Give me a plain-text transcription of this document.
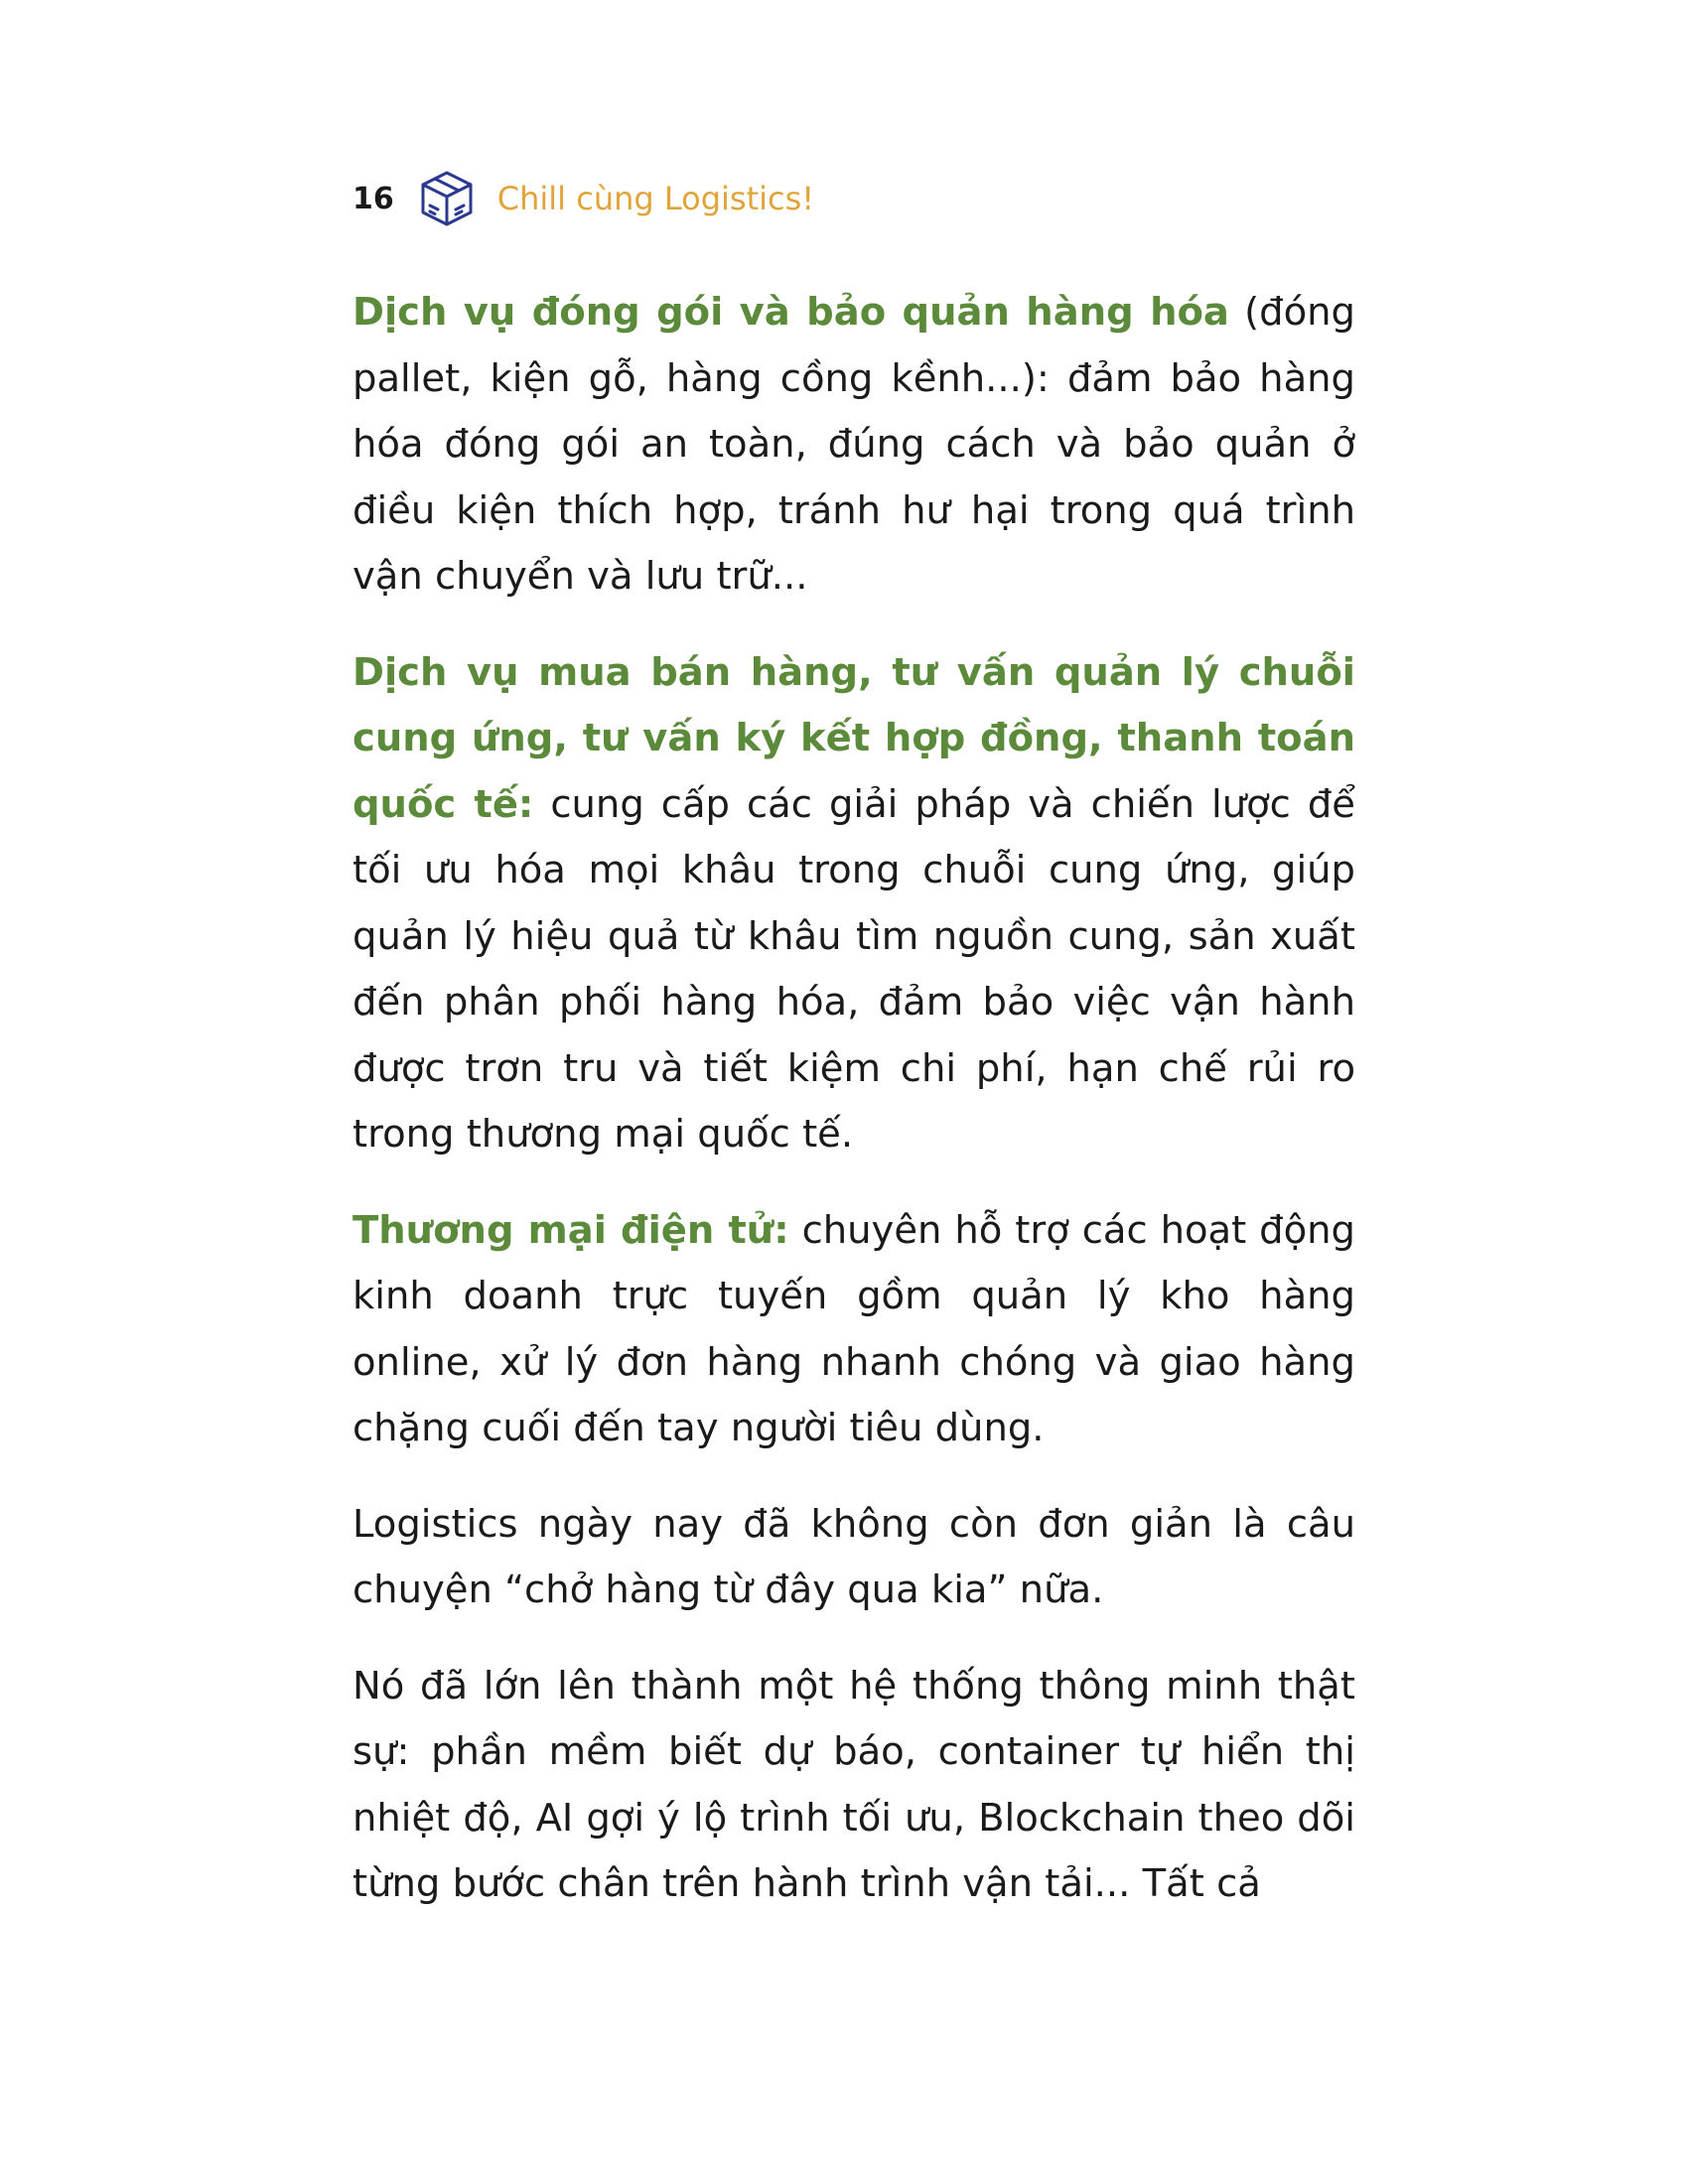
16	Chill cùng Logistics!

Dịch vụ đóng gói và bảo quản hàng hóa (đóng pallet, kiện gỗ, hàng cồng kềnh...): đảm bảo hàng hóa đóng gói an toàn, đúng cách và bảo quản ở điều kiện thích hợp, tránh hư hại trong quá trình vận chuyển và lưu trữ...

Dịch vụ mua bán hàng, tư vấn quản lý chuỗi cung ứng, tư vấn ký kết hợp đồng, thanh toán quốc tế: cung cấp các giải pháp và chiến lược để tối ưu hóa mọi khâu trong chuỗi cung ứng, giúp quản lý hiệu quả từ khâu tìm nguồn cung, sản xuất đến phân phối hàng hóa, đảm bảo việc vận hành được trơn tru và tiết kiệm chi phí, hạn chế rủi ro trong thương mại quốc tế.

Thương mại điện tử: chuyên hỗ trợ các hoạt động kinh doanh trực tuyến gồm quản lý kho hàng online, xử lý đơn hàng nhanh chóng và giao hàng chặng cuối đến tay người tiêu dùng.

Logistics ngày nay đã không còn đơn giản là câu chuyện “chở hàng từ đây qua kia” nữa.

Nó đã lớn lên thành một hệ thống thông minh thật sự: phần mềm biết dự báo, container tự hiển thị nhiệt độ, AI gợi ý lộ trình tối ưu, Blockchain theo dõi từng bước chân trên hành trình vận tải... Tất cả
